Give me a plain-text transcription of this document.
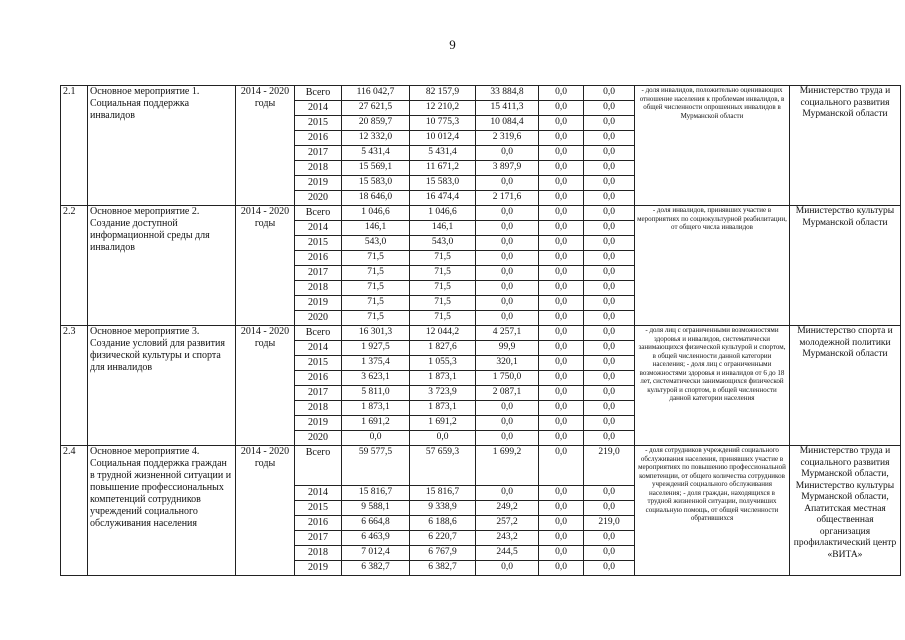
9
2.1	Основное мероприятие 1. Социальная поддержка инвалидов	2014 - 2020 годы	Всего	116 042,7	82 157,9	33 884,8	0,0	0,0	- доля инвалидов, положительно оценивающих отношение населения к проблемам инвалидов, в общей численности опрошенных инвалидов в Мурманской области	Министерство труда и социального развития Мурманской области
			2014	27 621,5	12 210,2	15 411,3	0,0	0,0		
			2015	20 859,7	10 775,3	10 084,4	0,0	0,0		
			2016	12 332,0	10 012,4	2 319,6	0,0	0,0		
			2017	5 431,4	5 431,4	0,0	0,0	0,0		
			2018	15 569,1	11 671,2	3 897,9	0,0	0,0		
			2019	15 583,0	15 583,0	0,0	0,0	0,0		
			2020	18 646,0	16 474,4	2 171,6	0,0	0,0		
2.2	Основное мероприятие 2. Создание доступной информационной среды для инвалидов	2014 - 2020 годы	Всего	1 046,6	1 046,6	0,0	0,0	0,0	- доля инвалидов, принявших участие в мероприятиях по социокультурной реабилитации, от общего числа инвалидов	Министерство культуры Мурманской области
			2014	146,1	146,1	0,0	0,0	0,0		
			2015	543,0	543,0	0,0	0,0	0,0		
			2016	71,5	71,5	0,0	0,0	0,0		
			2017	71,5	71,5	0,0	0,0	0,0		
			2018	71,5	71,5	0,0	0,0	0,0		
			2019	71,5	71,5	0,0	0,0	0,0		
			2020	71,5	71,5	0,0	0,0	0,0		
2.3	Основное мероприятие 3. Создание условий для развития физической культуры и спорта для инвалидов	2014 - 2020 годы	Всего	16 301,3	12 044,2	4 257,1	0,0	0,0	- доля лиц с ограниченными возможностями здоровья и инвалидов, систематически занимающихся физической культурой и спортом, в общей численности данной категории населения; - доля лиц с ограниченными возможностями здоровья и инвалидов от 6 до 18 лет, систематически занимающихся физической культурой и спортом, в общей численности данной категории населения	Министерство спорта и молодежной политики Мурманской области
			2014	1 927,5	1 827,6	99,9	0,0	0,0		
			2015	1 375,4	1 055,3	320,1	0,0	0,0		
			2016	3 623,1	1 873,1	1 750,0	0,0	0,0		
			2017	5 811,0	3 723,9	2 087,1	0,0	0,0		
			2018	1 873,1	1 873,1	0,0	0,0	0,0		
			2019	1 691,2	1 691,2	0,0	0,0	0,0		
			2020	0,0	0,0	0,0	0,0	0,0		
2.4	Основное мероприятие 4. Социальная поддержка граждан в трудной жизненной ситуации и повышение профессиональных компетенций сотрудников учреждений социального обслуживания населения	2014 - 2020 годы	Всего	59 577,5	57 659,3	1 699,2	0,0	219,0	- доля сотрудников учреждений социального обслуживания населения, принявших участие в мероприятиях по повышению профессиональной компетенции, от общего количества сотрудников учреждений социального обслуживания населения; - доля граждан, находящихся в трудной жизненной ситуации, получивших социальную помощь, от общей численности обратившихся	Министерство труда и социального развития Мурманской области, Министерство культуры Мурманской области, Апатитская местная общественная организация профилактический центр «ВИТА»
			2014	15 816,7	15 816,7	0,0	0,0	0,0		
			2015	9 588,1	9 338,9	249,2	0,0	0,0		
			2016	6 664,8	6 188,6	257,2	0,0	219,0		
			2017	6 463,9	6 220,7	243,2	0,0	0,0		
			2018	7 012,4	6 767,9	244,5	0,0	0,0		
			2019	6 382,7	6 382,7	0,0	0,0	0,0		
